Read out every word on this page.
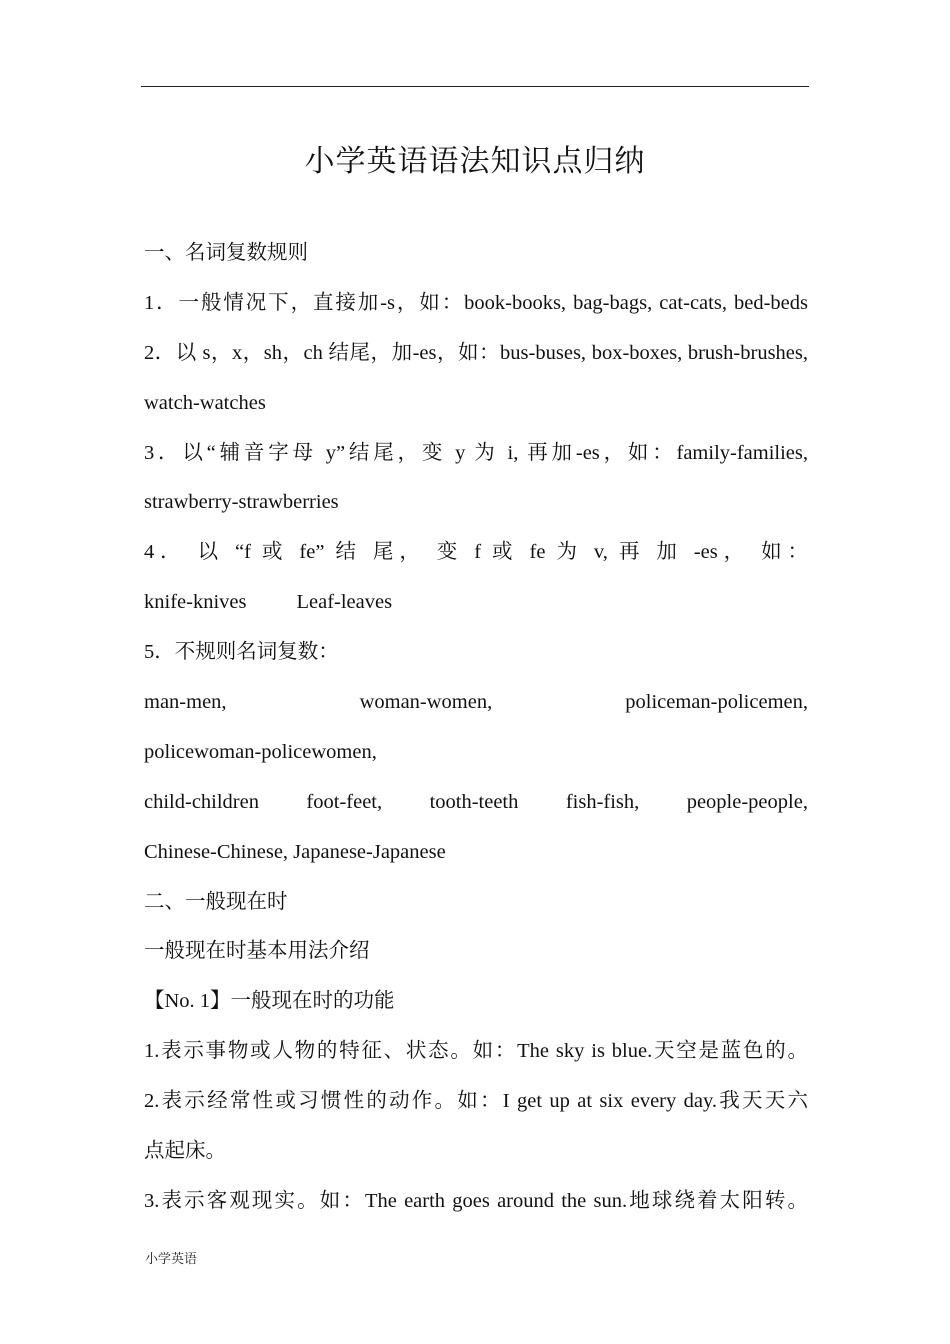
小学英语语法知识点归纳
一、名词复数规则
1．一般情况下，直接加-s，如：book-books, bag-bags, cat-cats, bed-beds
2．以 s，x，sh，ch 结尾，加-es，如：bus-buses, box-boxes, brush-brushes,
watch-watches
3．以“辅音字母 y”结尾，变 y 为 i, 再加-es，如：family-families,
strawberry-strawberries
4． 以 “f 或 fe” 结 尾， 变 f 或 fe 为 v, 再 加 -es， 如：
knife-knives Leaf-leaves
5．不规则名词复数：
man-men,	woman-women,	policeman-policemen,
policewoman-policewomen,
child-children foot-feet, tooth-teeth fish-fish, people-people,
Chinese-Chinese, Japanese-Japanese
二、一般现在时
一般现在时基本用法介绍
【No. 1】一般现在时的功能
1.表示事物或人物的特征、状态。如：The sky is blue.天空是蓝色的。
2.表示经常性或习惯性的动作。如：I get up at six every day.我天天六
点起床。
3.表示客观现实。如：The earth goes around the sun.地球绕着太阳转。
小学英语
